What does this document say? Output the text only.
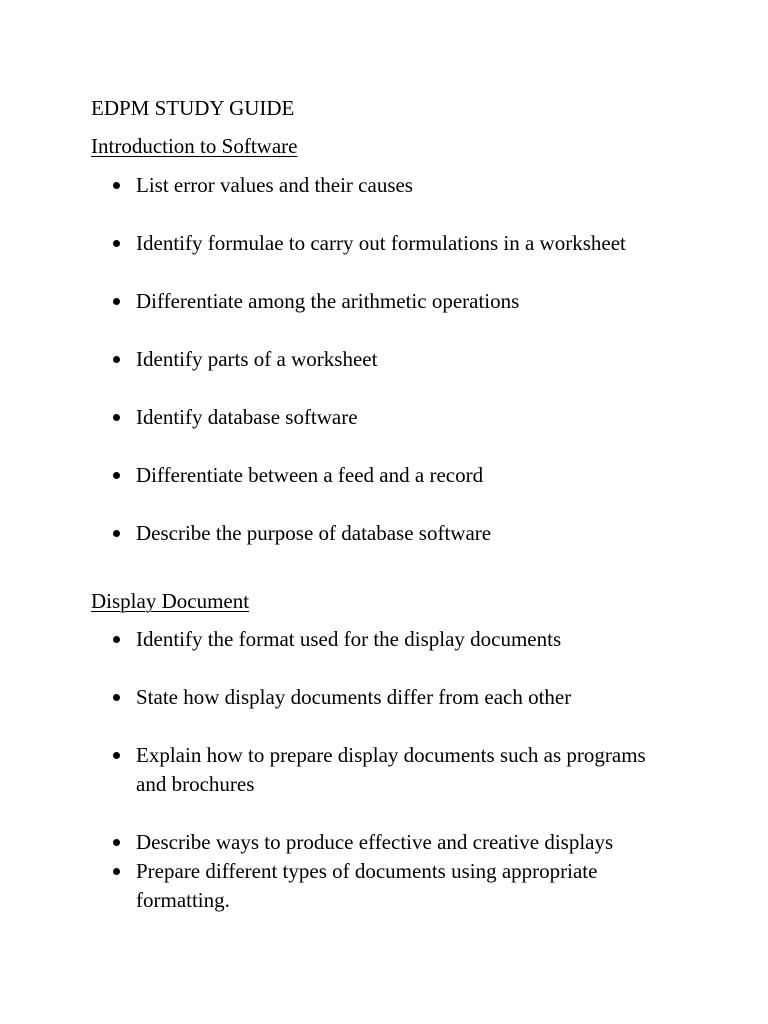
EDPM STUDY GUIDE
Introduction to Software
List error values and their causes
Identify formulae to carry out formulations in a worksheet
Differentiate among the arithmetic operations
Identify parts of a worksheet
Identify database software
Differentiate between a feed and a record
Describe the purpose of database software
Display Document
Identify the format used for the display documents
State how display documents differ from each other
Explain how to prepare display documents such as programs and brochures
Describe ways to produce effective and creative displays
Prepare different types of documents using appropriate formatting.
